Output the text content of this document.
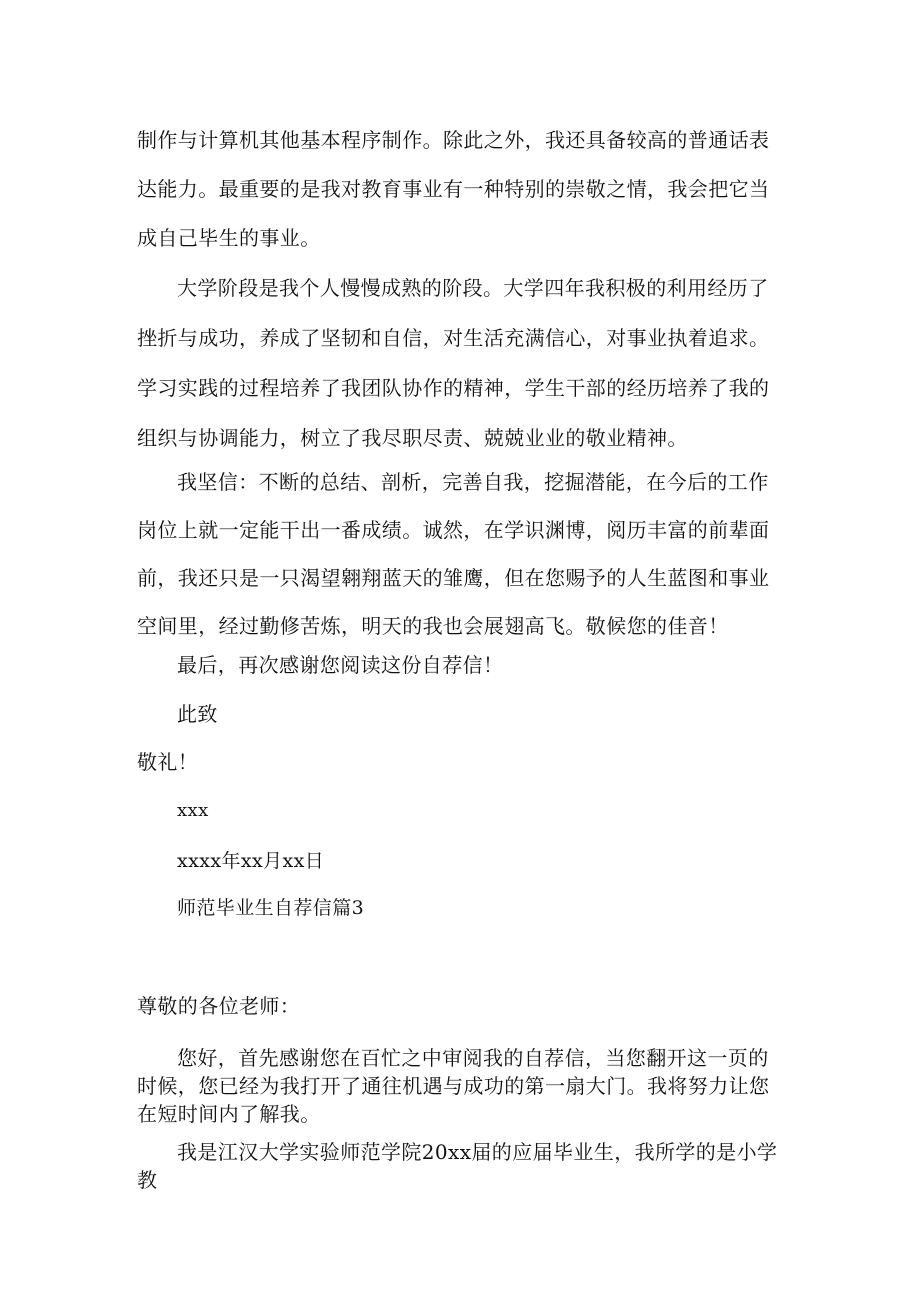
制作与计算机其他基本程序制作。除此之外，我还具备较高的普通话表达能力。最重要的是我对教育事业有一种特别的崇敬之情，我会把它当成自己毕生的事业。

大学阶段是我个人慢慢成熟的阶段。大学四年我积极的利用经历了挫折与成功，养成了坚韧和自信，对生活充满信心，对事业执着追求。学习实践的过程培养了我团队协作的精神，学生干部的经历培养了我的组织与协调能力，树立了我尽职尽责、兢兢业业的敬业精神。

我坚信：不断的总结、剖析，完善自我，挖掘潜能，在今后的工作岗位上就一定能干出一番成绩。诚然，在学识渊博，阅历丰富的前辈面前，我还只是一只渴望翱翔蓝天的雏鹰，但在您赐予的人生蓝图和事业空间里，经过勤修苦炼，明天的我也会展翅高飞。敬候您的佳音！

最后，再次感谢您阅读这份自荐信！

此致

敬礼！

xxx

xxxx年xx月xx日

师范毕业生自荐信篇3

尊敬的各位老师：

您好，首先感谢您在百忙之中审阅我的自荐信，当您翻开这一页的时候，您已经为我打开了通往机遇与成功的第一扇大门。我将努力让您在短时间内了解我。

我是江汉大学实验师范学院20xx届的应届毕业生，我所学的是小学教
